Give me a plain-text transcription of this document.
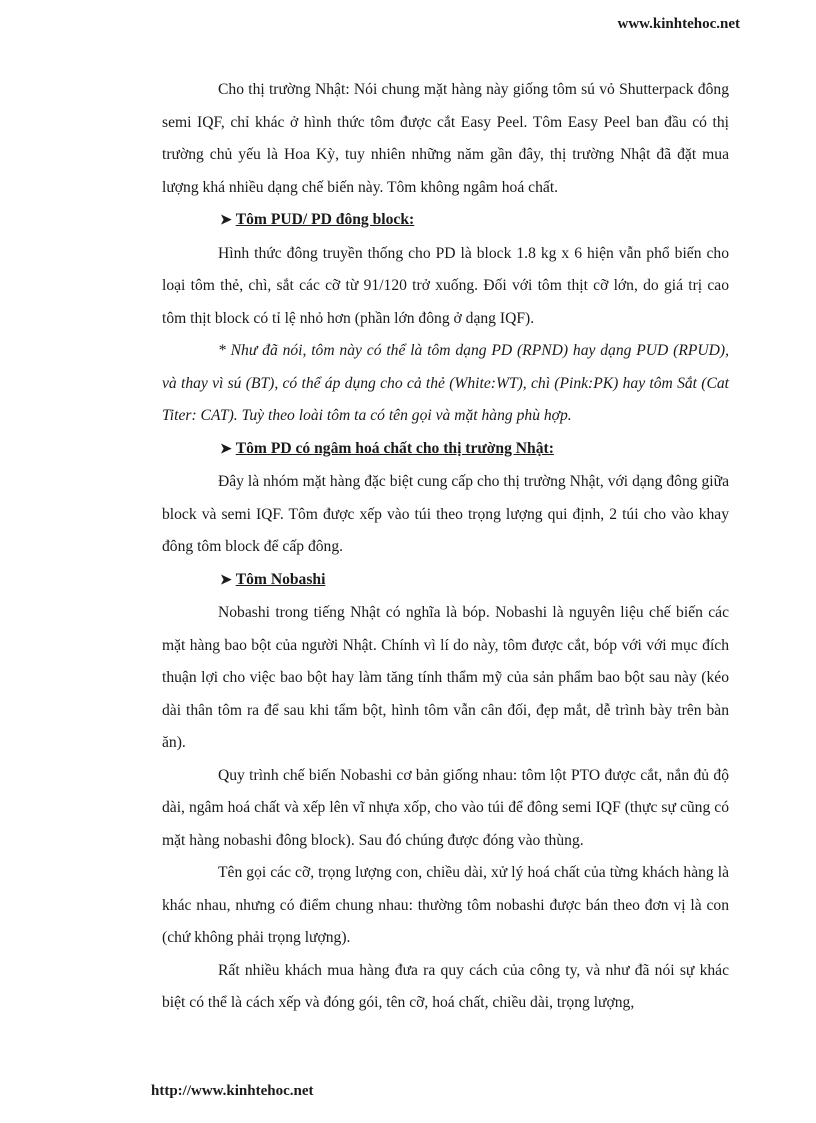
www.kinhtehoc.net

Cho thị trường Nhật: Nói chung mặt hàng này giống tôm sú vỏ Shutterpack đông semi IQF, chỉ khác ở hình thức tôm được cắt Easy Peel. Tôm Easy Peel ban đầu có thị trường chủ yếu là Hoa Kỳ, tuy nhiên những năm gần đây, thị trường Nhật đã đặt mua lượng khá nhiều dạng chế biến này. Tôm không ngâm hoá chất.

➤ Tôm PUD/ PD đông block:

Hình thức đông truyền thống cho PD là block 1.8 kg x 6 hiện vẫn phổ biến cho loại tôm thẻ, chì, sắt các cỡ từ 91/120 trở xuống. Đối với tôm thịt cỡ lớn, do giá trị cao tôm thịt block có tỉ lệ nhỏ hơn (phần lớn đông ở dạng IQF).

* Như đã nói, tôm này có thể là tôm dạng PD (RPND) hay dạng PUD (RPUD), và thay vì sú (BT), có thể áp dụng cho cả thẻ (White:WT), chì (Pink:PK) hay tôm Sắt (Cat Titer: CAT). Tuỳ theo loài tôm ta có tên gọi và mặt hàng phù hợp.

➤ Tôm PD có ngâm hoá chất cho thị trường Nhật:

Đây là nhóm mặt hàng đặc biệt cung cấp cho thị trường Nhật, với dạng đông giữa block và semi IQF. Tôm được xếp vào túi theo trọng lượng qui định, 2 túi cho vào khay đông tôm block để cấp đông.

➤ Tôm Nobashi

Nobashi trong tiếng Nhật có nghĩa là bóp. Nobashi là nguyên liệu chế biến các mặt hàng bao bột của người Nhật. Chính vì lí do này, tôm được cắt, bóp với với mục đích thuận lợi cho việc bao bột hay làm tăng tính thẩm mỹ của sản phẩm bao bột sau này (kéo dài thân tôm ra để sau khi tẩm bột, hình tôm vẫn cân đối, đẹp mắt, dễ trình bày trên bàn ăn).

Quy trình chế biến Nobashi cơ bản giống nhau: tôm lột PTO được cắt, nắn đủ độ dài, ngâm hoá chất và xếp lên vĩ nhựa xốp, cho vào túi để đông semi IQF (thực sự cũng có mặt hàng nobashi đông block). Sau đó chúng được đóng vào thùng.

Tên gọi các cỡ, trọng lượng con, chiều dài, xử lý hoá chất của từng khách hàng là khác nhau, nhưng có điểm chung nhau: thường tôm nobashi được bán theo đơn vị là con (chứ không phải trọng lượng).

Rất nhiều khách mua hàng đưa ra quy cách của công ty, và như đã nói sự khác biệt có thể là cách xếp và đóng gói, tên cỡ, hoá chất, chiều dài, trọng lượng,

http://www.kinhtehoc.net
